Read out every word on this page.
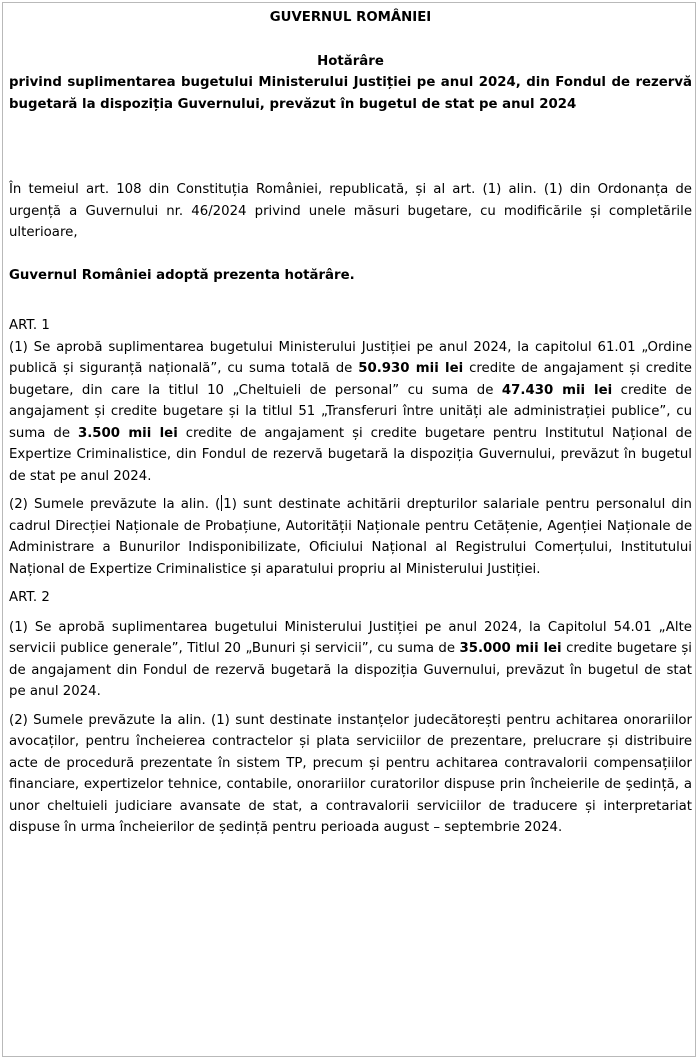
GUVERNUL ROMÂNIEI
Hotărâre
privind suplimentarea bugetului Ministerului Justiției pe anul 2024, din Fondul de rezervă bugetară la dispoziția Guvernului, prevăzut în bugetul de stat pe anul 2024

În temeiul art. 108 din Constituția României, republicată, și al art. (1) alin. (1) din Ordonanța de urgență a Guvernului nr. 46/2024 privind unele măsuri bugetare, cu modificările și completările ulterioare,

Guvernul României adoptă prezenta hotărâre.

ART. 1

(1) Se aprobă suplimentarea bugetului Ministerului Justiției pe anul 2024, la capitolul 61.01 „Ordine publică și siguranță națională”, cu suma totală de 50.930 mii lei credite de angajament și credite bugetare, din care la titlul 10 „Cheltuieli de personal” cu suma de 47.430 mii lei credite de angajament și credite bugetare și la titlul 51 „Transferuri între unități ale administrației publice”, cu suma de 3.500 mii lei credite de angajament și credite bugetare pentru Institutul Național de Expertize Criminalistice, din Fondul de rezervă bugetară la dispoziția Guvernului, prevăzut în bugetul de stat pe anul 2024.

(2) Sumele prevăzute la alin. ( 1) sunt destinate achitării drepturilor salariale pentru personalul din cadrul Direcției Naționale de Probațiune, Autorității Naționale pentru Cetățenie, Agenției Naționale de Administrare a Bunurilor Indisponibilizate, Oficiului Național al Registrului Comerțului, Institutului Național de Expertize Criminalistice și aparatului propriu al Ministerului Justiției.

ART. 2

(1) Se aprobă suplimentarea bugetului Ministerului Justiției pe anul 2024, la Capitolul 54.01 „Alte servicii publice generale”, Titlul 20 „Bunuri și servicii”, cu suma de 35.000 mii lei credite bugetare și de angajament din Fondul de rezervă bugetară la dispoziția Guvernului, prevăzut în bugetul de stat pe anul 2024.

(2) Sumele prevăzute la alin. (1) sunt destinate instanțelor judecătorești pentru achitarea onorariilor avocaților, pentru încheierea contractelor și plata serviciilor de prezentare, prelucrare și distribuire acte de procedură prezentate în sistem TP, precum și pentru achitarea contravalorii compensațiilor financiare, expertizelor tehnice, contabile, onorariilor curatorilor dispuse prin încheierile de ședință, a unor cheltuieli judiciare avansate de stat, a contravalorii serviciilor de traducere și interpretariat dispuse în urma încheierilor de ședință pentru perioada august – septembrie 2024.
